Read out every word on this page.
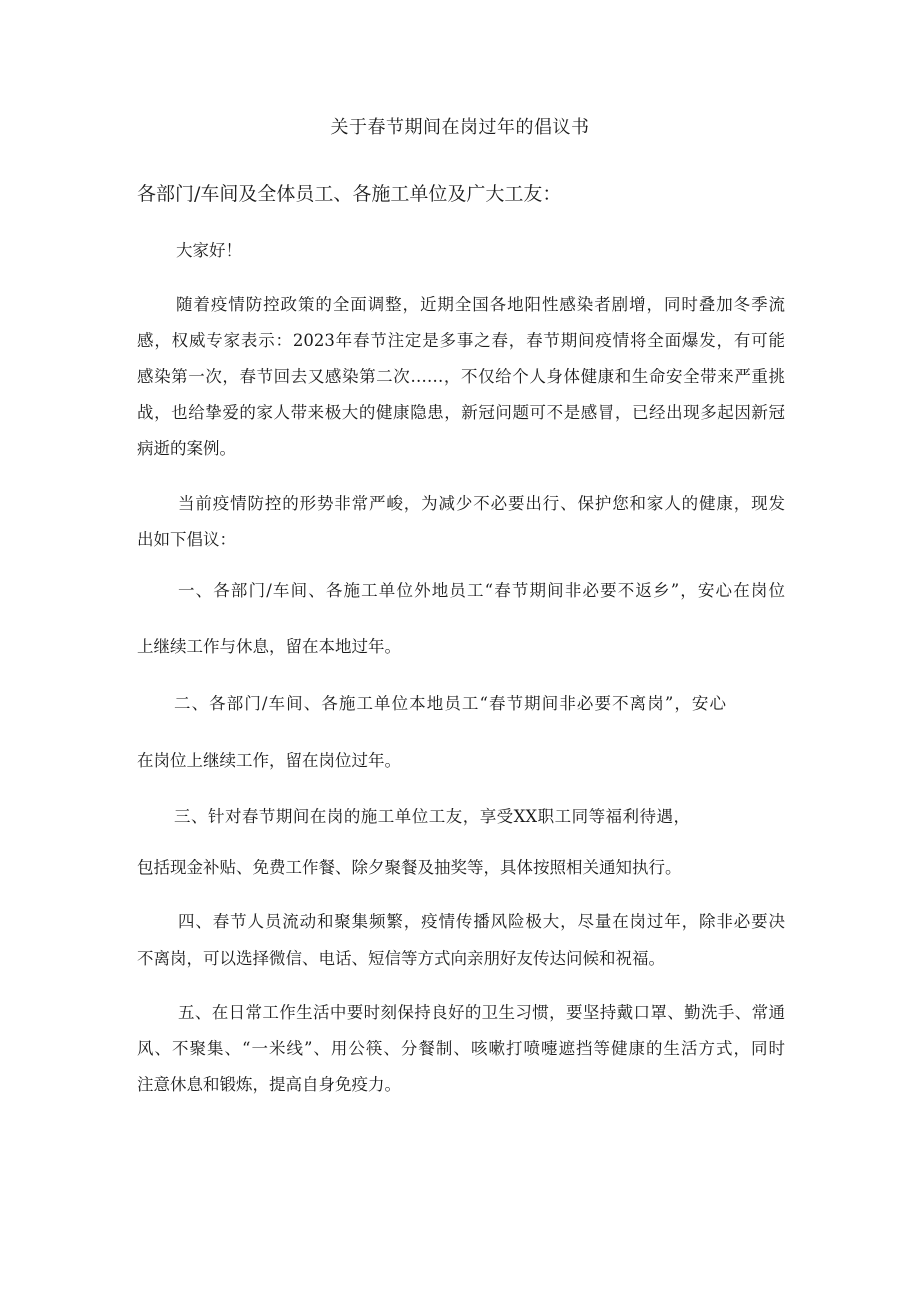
关于春节期间在岗过年的倡议书
各部门/车间及全体员工、各施工单位及广大工友：
大家好！
随着疫情防控政策的全面调整，近期全国各地阳性感染者剧增，同时叠加冬季流
感，权威专家表示：2023年春节注定是多事之春，春节期间疫情将全面爆发，有可能
感染第一次，春节回去又感染第二次……，不仅给个人身体健康和生命安全带来严重挑
战，也给挚爱的家人带来极大的健康隐患，新冠问题可不是感冒，已经出现多起因新冠
病逝的案例。
当前疫情防控的形势非常严峻，为减少不必要出行、保护您和家人的健康，现发
出如下倡议：
一、各部门/车间、各施工单位外地员工“春节期间非必要不返乡”，安心在岗位
上继续工作与休息，留在本地过年。
二、各部门/车间、各施工单位本地员工“春节期间非必要不离岗”，安心
在岗位上继续工作，留在岗位过年。
三、针对春节期间在岗的施工单位工友，享受XX职工同等福利待遇，
包括现金补贴、免费工作餐、除夕聚餐及抽奖等，具体按照相关通知执行。
四、春节人员流动和聚集频繁，疫情传播风险极大，尽量在岗过年，除非必要决
不离岗，可以选择微信、电话、短信等方式向亲朋好友传达问候和祝福。
五、在日常工作生活中要时刻保持良好的卫生习惯，要坚持戴口罩、勤洗手、常通
风、不聚集、“一米线”、用公筷、分餐制、咳嗽打喷嚏遮挡等健康的生活方式，同时
注意休息和锻炼，提高自身免疫力。
